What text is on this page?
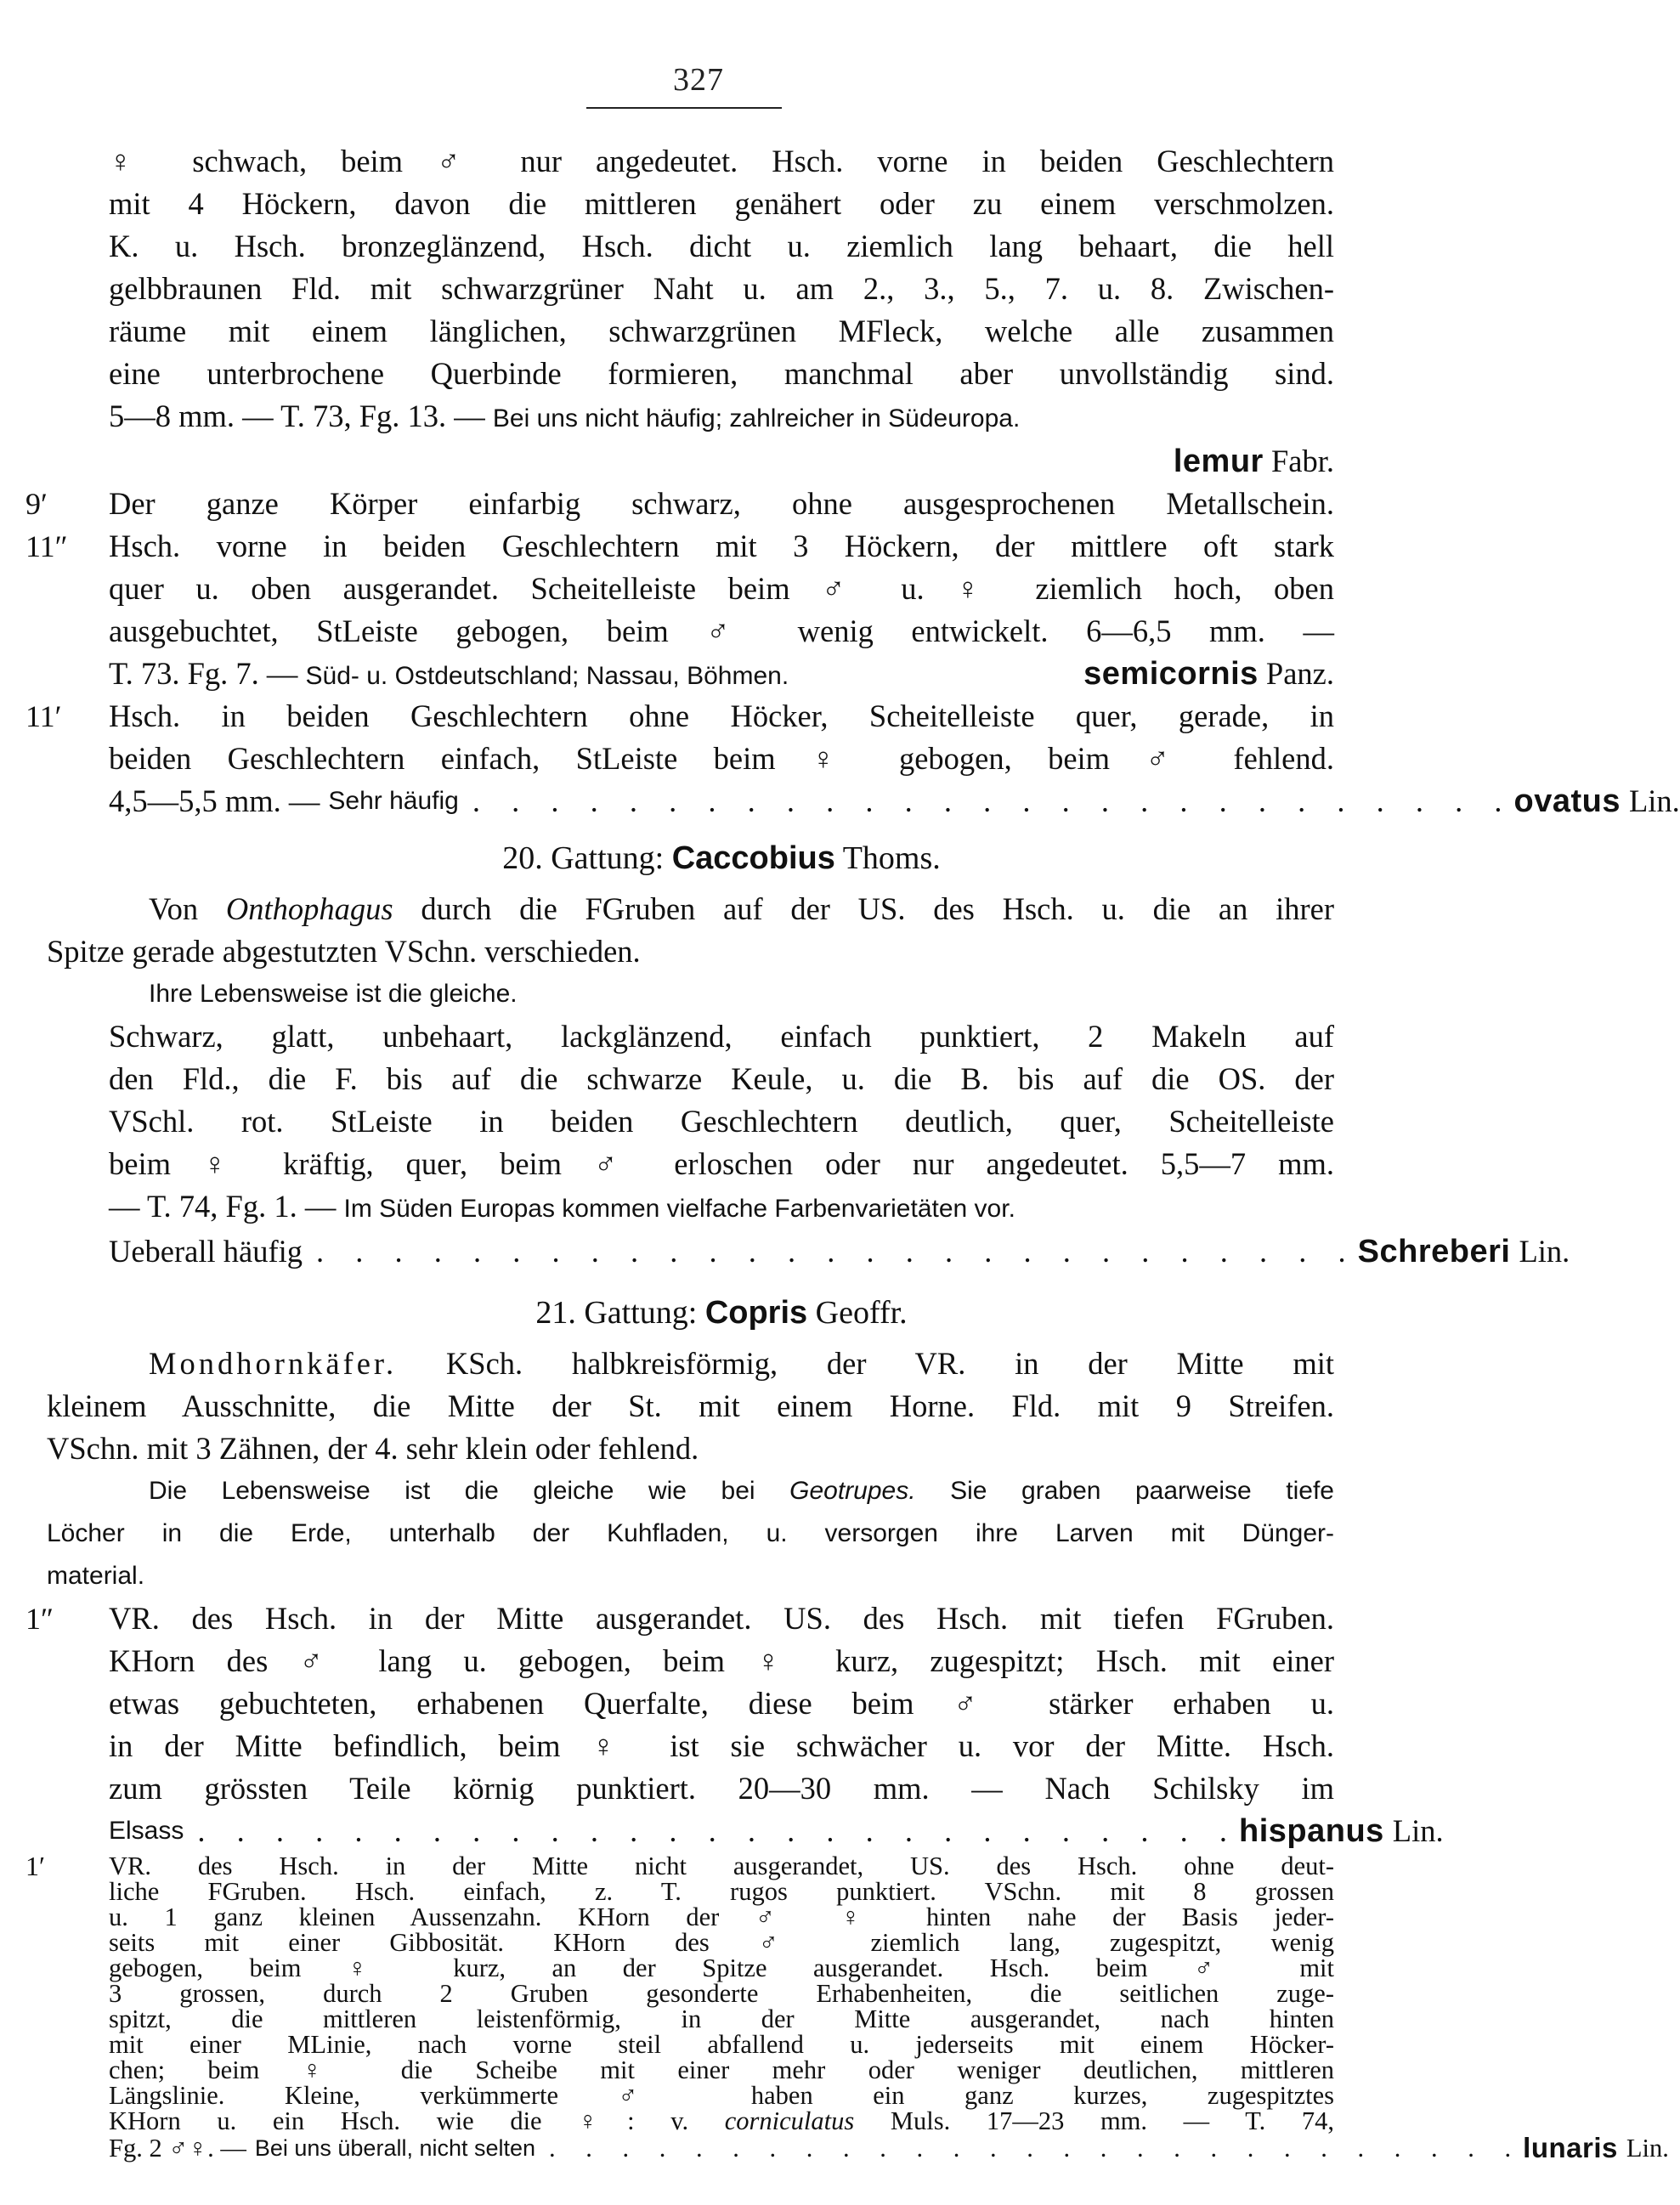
327
♀ schwach, beim ♂ nur angedeutet. Hsch. vorne in beiden Geschlechtern
mit 4 Höckern, davon die mittleren genähert oder zu einem verschmolzen.
K. u. Hsch. bronzeglänzend, Hsch. dicht u. ziemlich lang behaart, die hell
gelbbraunen Fld. mit schwarzgrüner Naht u. am 2., 3., 5., 7. u. 8. Zwischen-
räume mit einem länglichen, schwarzgrünen MFleck, welche alle zusammen
eine unterbrochene Querbinde formieren, manchmal aber unvollständig sind.
5—8 mm. — T. 73, Fg. 13. — Bei uns nicht häufig; zahlreicher in Südeuropa.
lemur Fabr.
9′	Der ganze Körper einfarbig schwarz, ohne ausgesprochenen Metallschein.
11″	Hsch. vorne in beiden Geschlechtern mit 3 Höckern, der mittlere oft stark
quer u. oben ausgerandet. Scheitelleiste beim ♂ u. ♀ ziemlich hoch, oben
ausgebuchtet, StLeiste gebogen, beim ♂ wenig entwickelt. 6—6,5 mm. —
T. 73. Fg. 7. — Süd- u. Ostdeutschland; Nassau, Böhmen.	semicornis Panz.
11′	Hsch. in beiden Geschlechtern ohne Höcker, Scheitelleiste quer, gerade, in
beiden Geschlechtern einfach, StLeiste beim ♀ gebogen, beim ♂ fehlend.
4,5—5,5 mm. — Sehr häufig . . . . . . . . . . . . . . . . . . . . . . . . . . . ovatus Lin.
20. Gattung: Caccobius Thoms.
Von Onthophagus durch die FGruben auf der US. des Hsch. u. die an ihrer
Spitze gerade abgestutzten VSchn. verschieden.
Ihre Lebensweise ist die gleiche.
Schwarz, glatt, unbehaart, lackglänzend, einfach punktiert, 2 Makeln auf
den Fld., die F. bis auf die schwarze Keule, u. die B. bis auf die OS. der
VSchl. rot. StLeiste in beiden Geschlechtern deutlich, quer, Scheitelleiste
beim ♀ kräftig, quer, beim ♂ erloschen oder nur angedeutet. 5,5—7 mm.
— T. 74, Fg. 1. — Im Süden Europas kommen vielfache Farbenvarietäten vor.
Ueberall häufig . . . . . . . . . . . . . . . . . . . . . . . . . . . Schreberi Lin.
21. Gattung: Copris Geoffr.
Mondhornkäfer. KSch. halbkreisförmig, der VR. in der Mitte mit
kleinem Ausschnitte, die Mitte der St. mit einem Horne. Fld. mit 9 Streifen.
VSchn. mit 3 Zähnen, der 4. sehr klein oder fehlend.
Die Lebensweise ist die gleiche wie bei Geotrupes. Sie graben paarweise tiefe
Löcher in die Erde, unterhalb der Kuhfladen, u. versorgen ihre Larven mit Dünger-
material.
1″	VR. des Hsch. in der Mitte ausgerandet. US. des Hsch. mit tiefen FGruben.
KHorn des ♂ lang u. gebogen, beim ♀ kurz, zugespitzt; Hsch. mit einer
etwas gebuchteten, erhabenen Querfalte, diese beim ♂ stärker erhaben u.
in der Mitte befindlich, beim ♀ ist sie schwächer u. vor der Mitte. Hsch.
zum grössten Teile körnig punktiert. 20—30 mm. — Nach Schilsky im
Elsass . . . . . . . . . . . . . . . . . . . . . . . . . . . hispanus Lin.
1′	VR. des Hsch. in der Mitte nicht ausgerandet, US. des Hsch. ohne deut-
liche FGruben. Hsch. einfach, z. T. rugos punktiert. VSchn. mit 8 grossen
u. 1 ganz kleinen Aussenzahn. KHorn der ♂ ♀ hinten nahe der Basis jeder-
seits mit einer Gibbosität. KHorn des ♂ ziemlich lang, zugespitzt, wenig
gebogen, beim ♀ kurz, an der Spitze ausgerandet. Hsch. beim ♂ mit
3 grossen, durch 2 Gruben gesonderte Erhabenheiten, die seitlichen zuge-
spitzt, die mittleren leistenförmig, in der Mitte ausgerandet, nach hinten
mit einer MLinie, nach vorne steil abfallend u. jederseits mit einem Höcker-
chen; beim ♀ die Scheibe mit einer mehr oder weniger deutlichen, mittleren
Längslinie. Kleine, verkümmerte ♂ haben ein ganz kurzes, zugespitztes
KHorn u. ein Hsch. wie die ♀: v. corniculatus Muls. 17—23 mm. — T. 74,
Fg. 2 ♂♀. — Bei uns überall, nicht selten . . . . . . . . . . . . . . . . . . . . . . . . . . . lunaris Lin.
